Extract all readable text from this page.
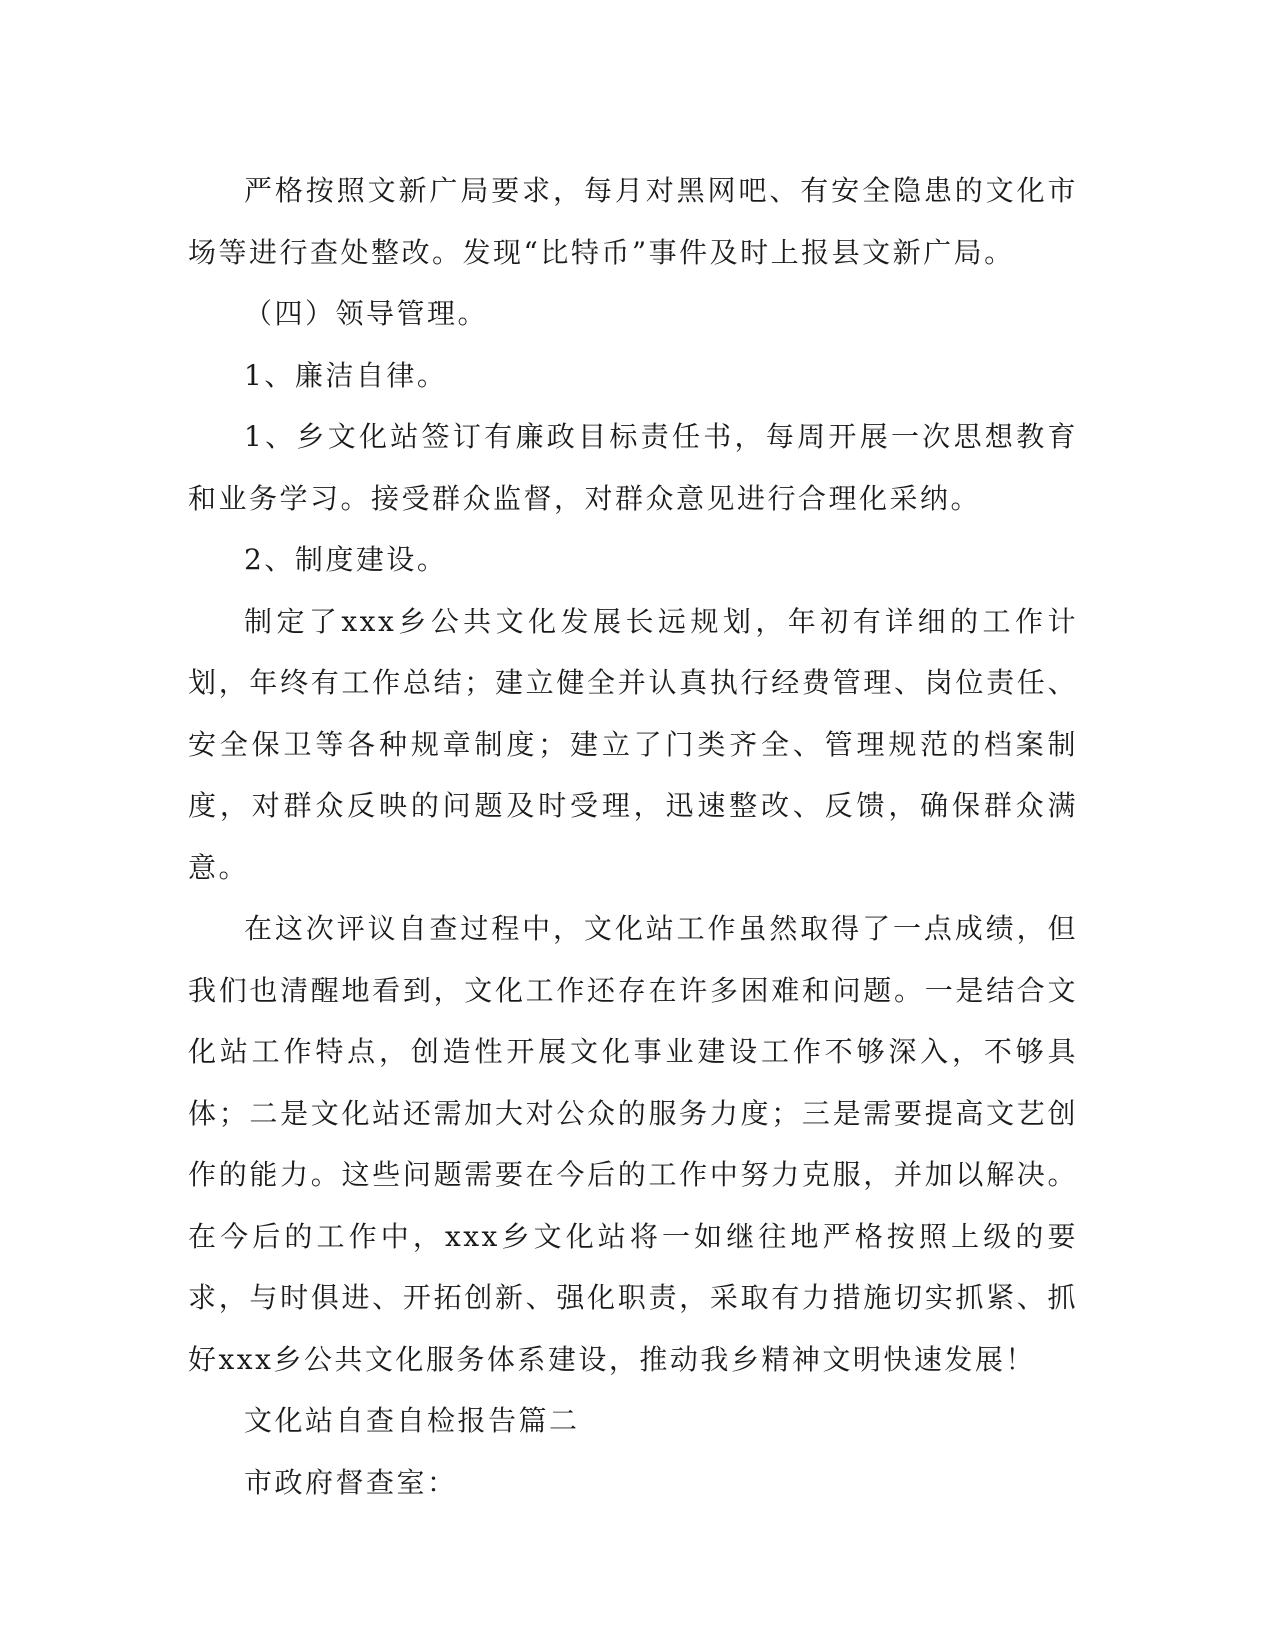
严格按照文新广局要求，每月对黑网吧、有安全隐患的文化市场等进行查处整改。发现“比特币”事件及时上报县文新广局。

（四）领导管理。

1、廉洁自律。

1、乡文化站签订有廉政目标责任书，每周开展一次思想教育和业务学习。接受群众监督，对群众意见进行合理化采纳。

2、制度建设。

制定了xxx乡公共文化发展长远规划，年初有详细的工作计划，年终有工作总结；建立健全并认真执行经费管理、岗位责任、安全保卫等各种规章制度；建立了门类齐全、管理规范的档案制度，对群众反映的问题及时受理，迅速整改、反馈，确保群众满意。

在这次评议自查过程中，文化站工作虽然取得了一点成绩，但我们也清醒地看到，文化工作还存在许多困难和问题。一是结合文化站工作特点，创造性开展文化事业建设工作不够深入，不够具体；二是文化站还需加大对公众的服务力度；三是需要提高文艺创作的能力。这些问题需要在今后的工作中努力克服，并加以解决。在今后的工作中，xxx乡文化站将一如继往地严格按照上级的要求，与时俱进、开拓创新、强化职责，采取有力措施切实抓紧、抓好xxx乡公共文化服务体系建设，推动我乡精神文明快速发展！

文化站自查自检报告篇二

市政府督查室：
